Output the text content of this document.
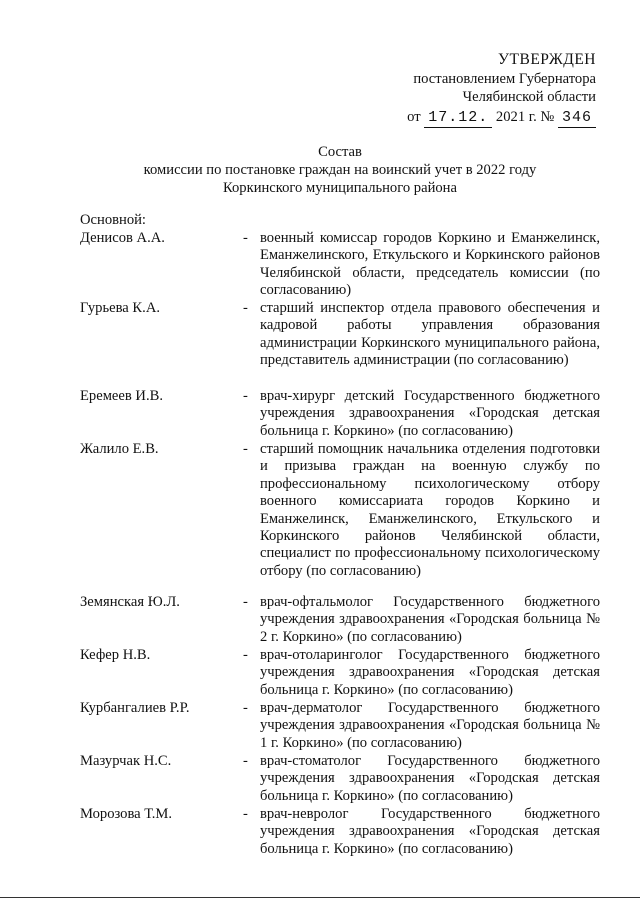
УТВЕРЖДЕН
постановлением Губернатора
Челябинской области
от 17.12. 2021 г. № 346
Состав
комиссии по постановке граждан на воинский учет в 2022 году
Коркинского муниципального района
Основной:
Денисов А.А.	- военный комиссар городов Коркино и Еманжелинск, Еманжелинского, Еткульского и Коркинского районов Челябинской области, председатель комиссии (по согласованию)
Гурьева К.А.	- старший инспектор отдела правового обеспечения и кадровой работы управления образования администрации Коркинского муниципального района, представитель администрации (по согласованию)
Еремеев И.В.	- врач-хирург детский Государственного бюджетного учреждения здравоохранения «Городская детская больница г. Коркино» (по согласованию)
Жалило Е.В.	- старший помощник начальника отделения подготовки и призыва граждан на военную службу по профессиональному психологическому отбору военного комиссариата городов Коркино и Еманжелинск, Еманжелинского, Еткульского и Коркинского районов Челябинской области, специалист по профессиональному психологическому отбору (по согласованию)
Земянская Ю.Л.	- врач-офтальмолог Государственного бюджетного учреждения здравоохранения «Городская больница № 2 г. Коркино» (по согласованию)
Кефер Н.В.	- врач-отоларинголог Государственного бюджетного учреждения здравоохранения «Городская детская больница г. Коркино» (по согласованию)
Курбангалиев Р.Р.	- врач-дерматолог Государственного бюджетного учреждения здравоохранения «Городская больница № 1 г. Коркино» (по согласованию)
Мазурчак Н.С.	- врач-стоматолог Государственного бюджетного учреждения здравоохранения «Городская детская больница г. Коркино» (по согласованию)
Морозова Т.М.	- врач-невролог Государственного бюджетного учреждения здравоохранения «Городская детская больница г. Коркино» (по согласованию)
